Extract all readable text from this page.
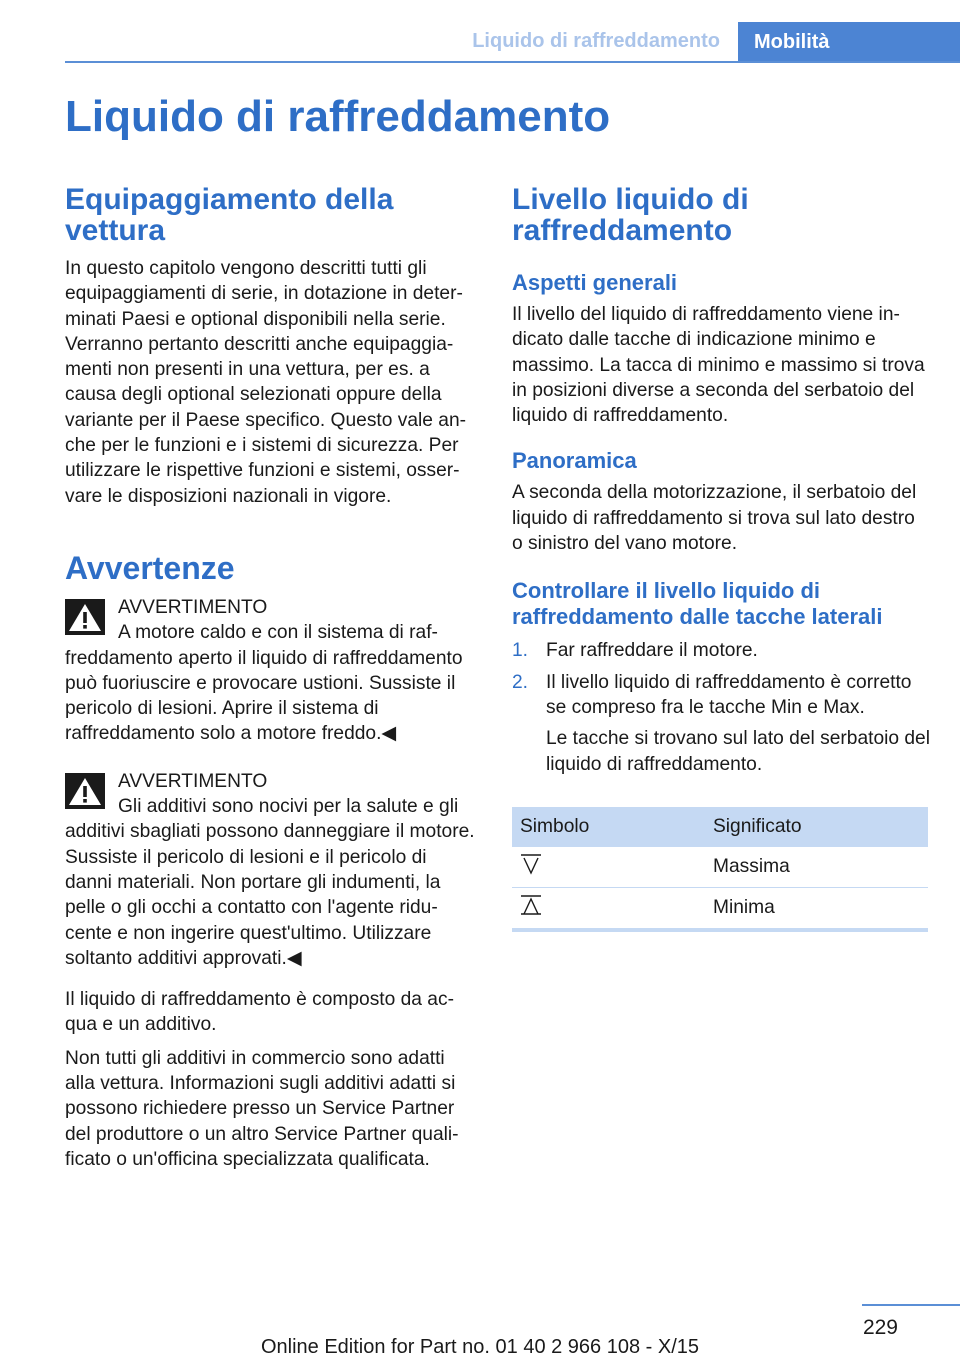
Liquido di raffreddamento	Mobilità
Liquido di raffreddamento
Equipaggiamento della vettura

In questo capitolo vengono descritti tutti gli equipaggiamenti di serie, in dotazione in determinati Paesi e optional disponibili nella serie. Verranno pertanto descritti anche equipaggiamenti non presenti in una vettura, per es. a causa degli optional selezionati oppure della variante per il Paese specifico. Questo vale anche per le funzioni e i sistemi di sicurezza. Per utilizzare le rispettive funzioni e sistemi, osservare le disposizioni nazionali in vigore.

Avvertenze
AVVERTIMENTO

A motore caldo e con il sistema di raffreddamento aperto il liquido di raffreddamento può fuoriuscire e provocare ustioni. Sussiste il pericolo di lesioni. Aprire il sistema di raffreddamento solo a motore freddo.◀

AVVERTIMENTO

Gli additivi sono nocivi per la salute e gli additivi sbagliati possono danneggiare il motore. Sussiste il pericolo di lesioni e il pericolo di danni materiali. Non portare gli indumenti, la pelle o gli occhi a contatto con l'agente riducente e non ingerire quest'ultimo. Utilizzare soltanto additivi approvati.◀

Il liquido di raffreddamento è composto da acqua e un additivo.

Non tutti gli additivi in commercio sono adatti alla vettura. Informazioni sugli additivi adatti si possono richiedere presso un Service Partner del produttore o un altro Service Partner qualificato o un'officina specializzata qualificata.

Livello liquido di raffreddamento
Aspetti generali

Il livello del liquido di raffreddamento viene indicato dalle tacche di indicazione minimo e massimo. La tacca di minimo e massimo si trova in posizioni diverse a seconda del serbatoio del liquido di raffreddamento.

Panoramica

A seconda della motorizzazione, il serbatoio del liquido di raffreddamento si trova sul lato destro o sinistro del vano motore.

Controllare il livello liquido di raffreddamento dalle tacche laterali
1. Far raffreddare il motore.
2. Il livello liquido di raffreddamento è corretto se compreso fra le tacche Min e Max.
Le tacche si trovano sul lato del serbatoio del liquido di raffreddamento.
Simbolo	Significato
	Massima
	Minima
229
Online Edition for Part no. 01 40 2 966 108 - X/15
